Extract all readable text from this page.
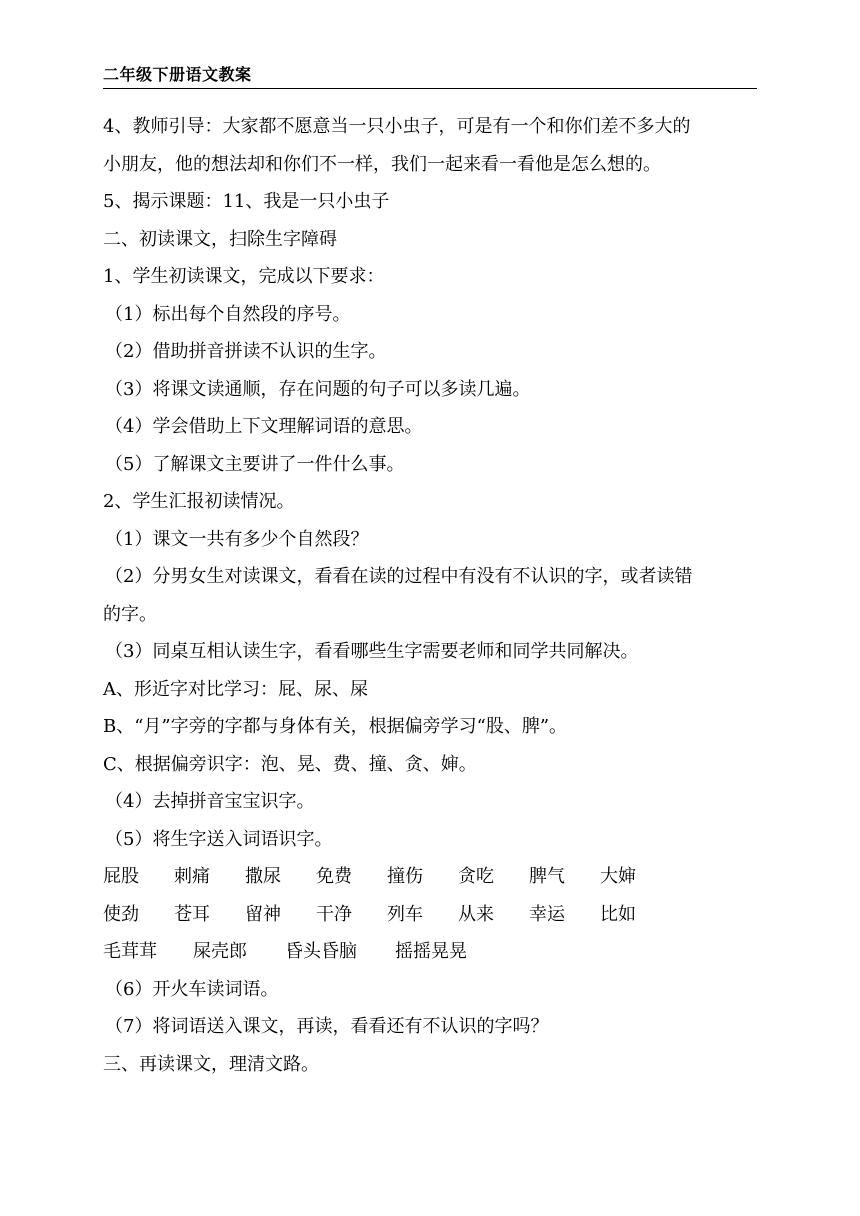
二年级下册语文教案
4、教师引导：大家都不愿意当一只小虫子，可是有一个和你们差不多大的
小朋友，他的想法却和你们不一样，我们一起来看一看他是怎么想的。
5、揭示课题：11、我是一只小虫子
二、初读课文，扫除生字障碍
1、学生初读课文，完成以下要求：
（1）标出每个自然段的序号。
（2）借助拼音拼读不认识的生字。
（3）将课文读通顺，存在问题的句子可以多读几遍。
（4）学会借助上下文理解词语的意思。
（5）了解课文主要讲了一件什么事。
2、学生汇报初读情况。
（1）课文一共有多少个自然段？
（2）分男女生对读课文，看看在读的过程中有没有不认识的字，或者读错
的字。
（3）同桌互相认读生字，看看哪些生字需要老师和同学共同解决。
A、形近字对比学习：屁、尿、屎
B、“月”字旁的字都与身体有关，根据偏旁学习“股、脾”。
C、根据偏旁识字：泡、晃、费、撞、贪、婶。
（4）去掉拼音宝宝识字。
（5）将生字送入词语识字。
屁股	刺痛	撒尿	免费	撞伤	贪吃	脾气	大婶
使劲	苍耳	留神	干净	列车	从来	幸运	比如
毛茸茸	屎壳郎	昏头昏脑	摇摇晃晃
（6）开火车读词语。
（7）将词语送入课文，再读，看看还有不认识的字吗？
三、再读课文，理清文路。
